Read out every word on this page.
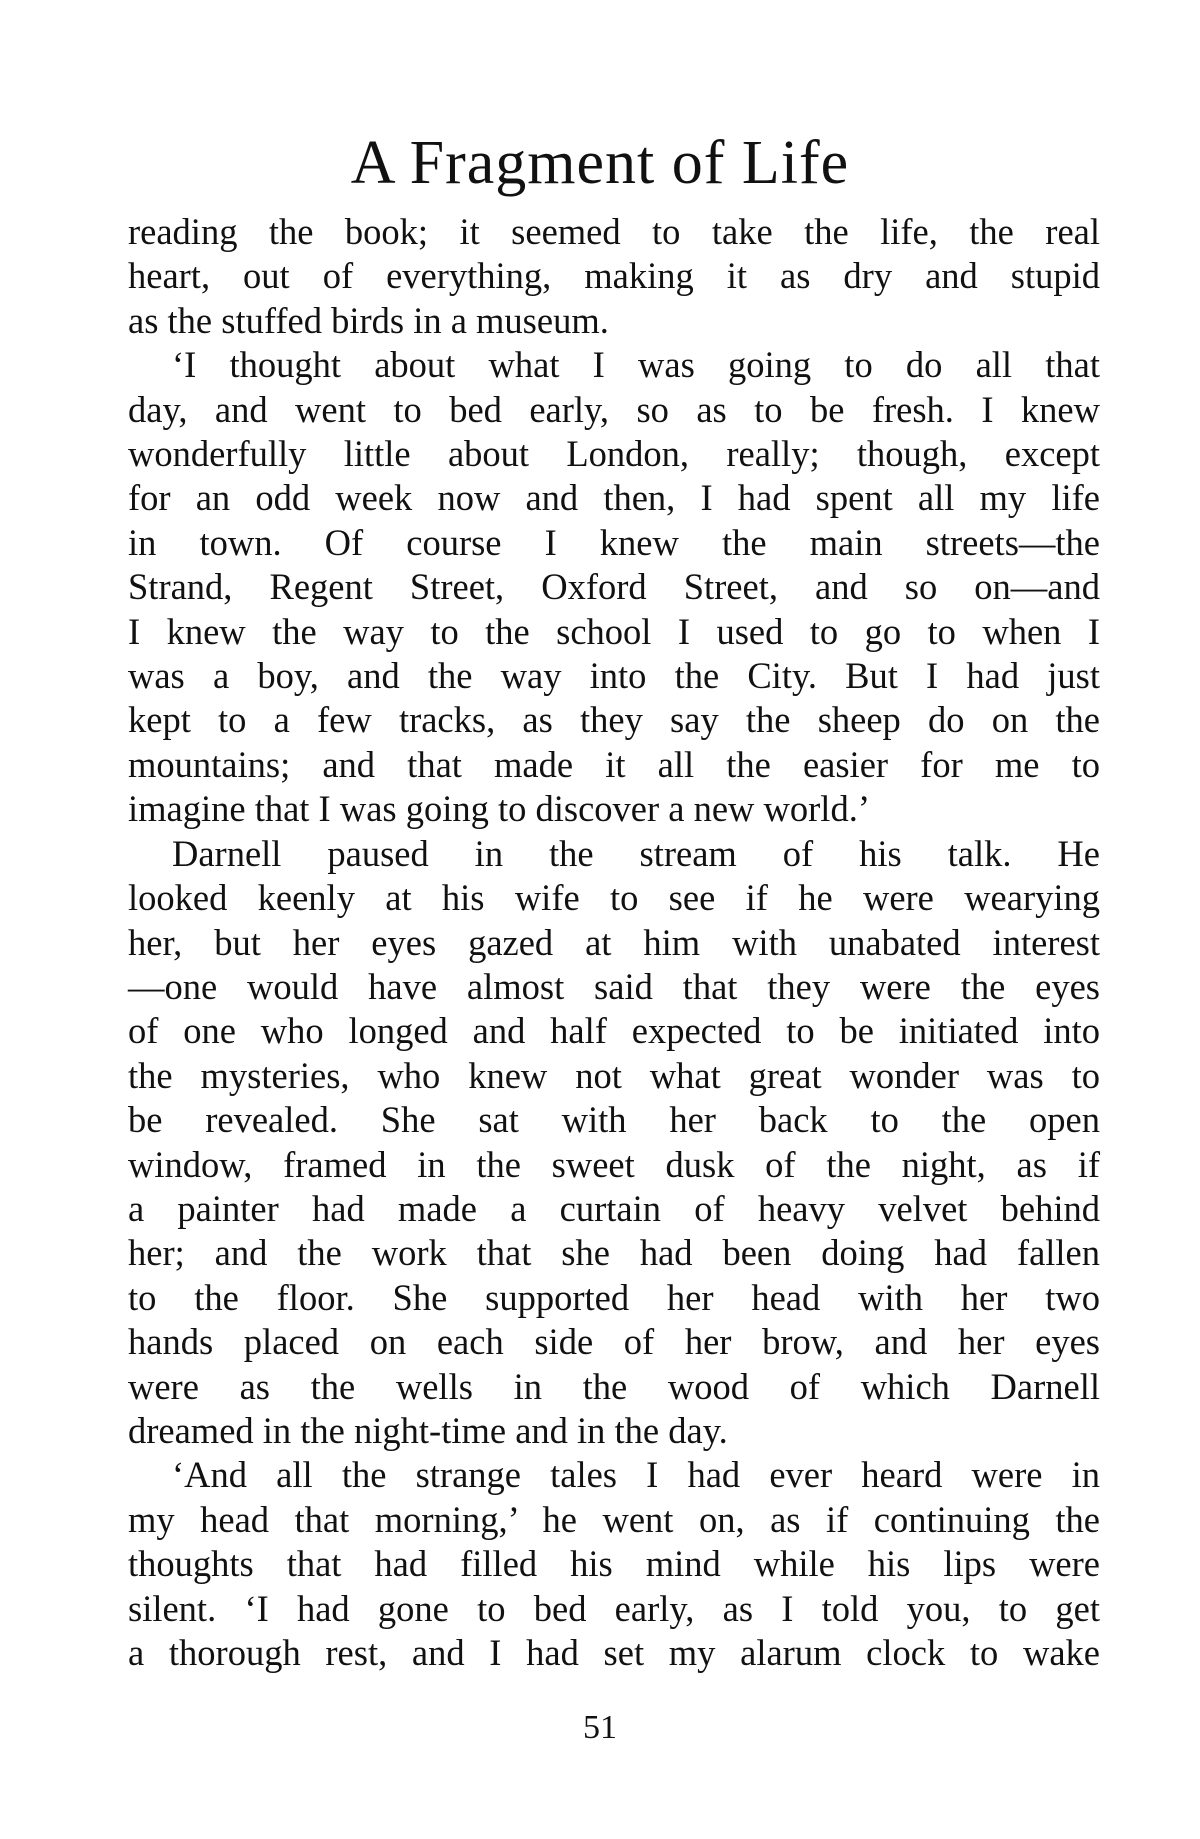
A Fragment of Life

reading the book; it seemed to take the life, the real
heart, out of everything, making it as dry and stupid
as the stuffed birds in a museum.

‘I thought about what I was going to do all that
day, and went to bed early, so as to be fresh. I knew
wonderfully little about London, really; though, except
for an odd week now and then, I had spent all my life
in town. Of course I knew the main streets—the
Strand, Regent Street, Oxford Street, and so on—and
I knew the way to the school I used to go to when I
was a boy, and the way into the City. But I had just
kept to a few tracks, as they say the sheep do on the
mountains; and that made it all the easier for me to
imagine that I was going to discover a new world.’

Darnell paused in the stream of his talk. He
looked keenly at his wife to see if he were wearying
her, but her eyes gazed at him with unabated interest
—one would have almost said that they were the eyes
of one who longed and half expected to be initiated into
the mysteries, who knew not what great wonder was to
be revealed. She sat with her back to the open
window, framed in the sweet dusk of the night, as if
a painter had made a curtain of heavy velvet behind
her; and the work that she had been doing had fallen
to the floor. She supported her head with her two
hands placed on each side of her brow, and her eyes
were as the wells in the wood of which Darnell
dreamed in the night-time and in the day.

‘And all the strange tales I had ever heard were in
my head that morning,’ he went on, as if continuing the
thoughts that had filled his mind while his lips were
silent. ‘I had gone to bed early, as I told you, to get
a thorough rest, and I had set my alarum clock to wake

51
